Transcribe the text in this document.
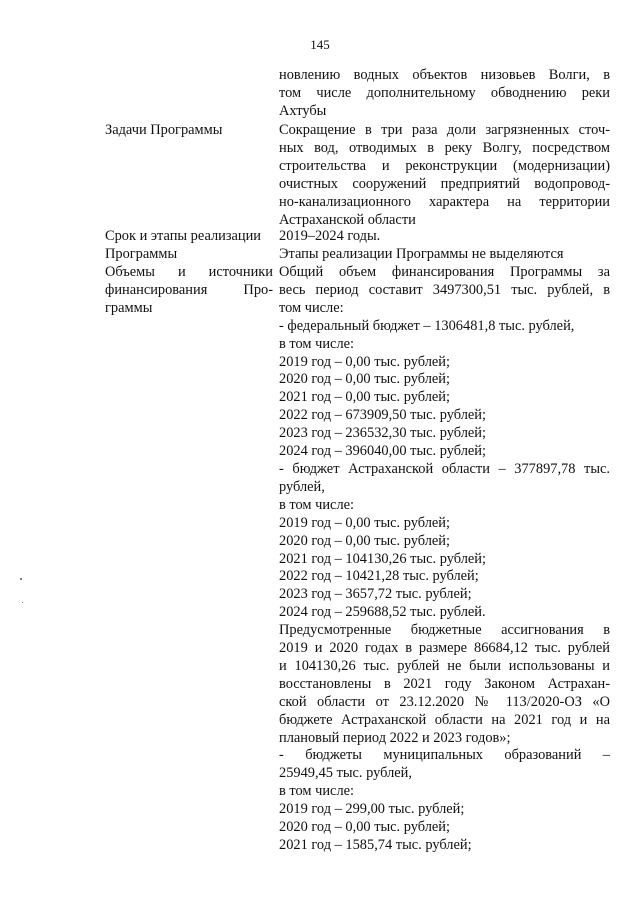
145
новлению водных объектов низовьев Волги, в
том числе дополнительному обводнению реки
Ахтубы
Задачи Программы	Сокращение в три раза доли загрязненных сточ-
ных вод, отводимых в реку Волгу, посредством
строительства и реконструкции (модернизации)
очистных сооружений предприятий водопровод-
но-канализационного характера на территории
Астраханской области
Срок и этапы реализации
Программы
2019–2024 годы.
Этапы реализации Программы не выделяются
Объемы и источники
финансирования Про-
граммы
Общий объем финансирования Программы за
весь период составит 3497300,51 тыс. рублей, в
том числе:
- федеральный бюджет – 1306481,8 тыс. рублей,
в том числе:
2019 год – 0,00 тыс. рублей;
2020 год – 0,00 тыс. рублей;
2021 год – 0,00 тыс. рублей;
2022 год – 673909,50 тыс. рублей;
2023 год – 236532,30 тыс. рублей;
2024 год – 396040,00 тыс. рублей;
- бюджет Астраханской области – 377897,78 тыс.
рублей,
в том числе:
2019 год – 0,00 тыс. рублей;
2020 год – 0,00 тыс. рублей;
2021 год – 104130,26 тыс. рублей;
2022 год – 10421,28 тыс. рублей;
2023 год – 3657,72 тыс. рублей;
2024 год – 259688,52 тыс. рублей.
Предусмотренные бюджетные ассигнования в
2019 и 2020 годах в размере 86684,12 тыс. рублей
и 104130,26 тыс. рублей не были использованы и
восстановлены в 2021 году Законом Астрахан-
ской области от 23.12.2020 № 113/2020-ОЗ «О
бюджете Астраханской области на 2021 год и на
плановый период 2022 и 2023 годов»;
- бюджеты муниципальных образований –
25949,45 тыс. рублей,
в том числе:
2019 год – 299,00 тыс. рублей;
2020 год – 0,00 тыс. рублей;
2021 год – 1585,74 тыс. рублей;
